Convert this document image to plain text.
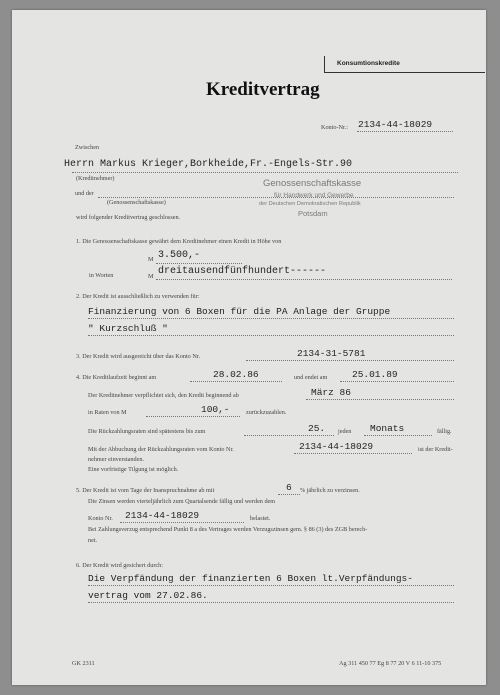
Konsumtionskredite
Kreditvertrag
Konto-Nr.: 2134-44-18029
Zwischen
Herrn Markus Krieger,Borkheide,Fr.-Engels-Str.90
(Kreditnehmer)
und der
(Genossenschaftskasse)
Genossenschaftskasse
für Handwerk und Gewerbe
der Deutschen Demokratischen Republik
Potsdam
wird folgender Kreditvertrag geschlossen.
1. Die Genossenschaftskasse gewährt dem Kreditnehmer einen Kredit in Höhe von
M 3.500,-
in Worten	M dreitausendfünfhundert------
2. Der Kredit ist ausschließlich zu verwenden für:
Finanzierung von 6 Boxen für die PA Anlage der Gruppe
" Kurzschluß "
3. Der Kredit wird ausgereicht über das Konto Nr.	2134-31-5781
4. Die Kreditlaufzeit beginnt am	28.02.86	und endet am	25.01.89
Der Kreditnehmer verpflichtet sich, den Kredit beginnend ab	März 86
in Raten von M	100,-	zurückzuzahlen.
Die Rückzahlungsraten sind spätestens bis zum	25. jeden Monats	fällig.
Mit der Abbuchung der Rückzahlungsraten vom Konto Nr.	2134-44-18029	ist der Kredit-
nehmer einverstanden.
Eine vorfristige Tilgung ist möglich.
5. Der Kredit ist vom Tage der Inanspruchnahme ab mit	6 % jährlich zu verzinsen.
Die Zinsen werden vierteljährlich zum Quartalsende fällig und werden dem
Konto Nr. 2134-44-18029	belastet.
Bei Zahlungsverzug entsprechend Punkt 8 a des Vertrages werden Verzugszinsen gem. § 86 (3) des ZGB berech-
net.
6. Der Kredit wird gesichert durch:
Die Verpfändung der finanzierten 6 Boxen lt.Verpfändungs-
vertrag vom 27.02.86.
GK 2311	Ag 311 450 77 Eg 8 77 20 V 6 11-10 375
